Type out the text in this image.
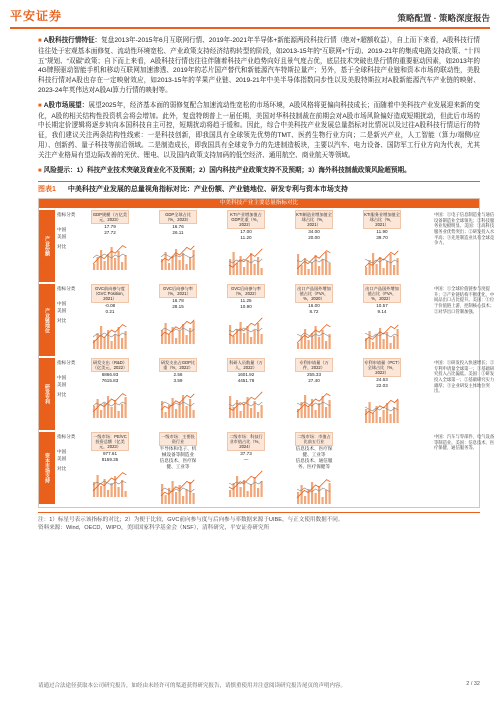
平安证券	策略配置 · 策略深度报告

■ A股科技行情特征：复盘2013年-2015年6月互联网行情、2019年-2021年半导体+新能源两段科技行情（绝对+超额收益），自上而下来看，A股科技行情往往处于宏观基本面修复、流动性环境宽松、产业政策支持经济结构转型的阶段，如2013-15年的“互联网+”行动、2019-21年的集成电路支持政策、“十四五”规划、“双碳”政策；自下而上来看，A股科技行情也往往伴随着科技产业趋势向好且景气度占优，底层技术突破也是行情的重要驱动因素，如2013年的4G牌照驱动智能手机和移动互联网加速渗透、2019年的芯片国产替代和新能源汽车特斯拉量产；另外，基于全球科技产业链和资本市场的联动性，美股科技行情对A股也存在一定映射效应，如2013-15年的苹果产业链、2019-21年中美半导体指数同步性以及美股特斯拉对A股新能源汽车产业链的映射、2023-24年英伟达对A股AI算力行情的映射等。

■ A股市场展望：展望2025年，经济基本面的弱修复配合加速流动性宽松的市场环境，A股风格将更偏向科技成长；而随着中美科技产业发展迎来新的变化，A股的相关结构性投资机会将会增加。此外，复盘特朗普上一届任期，美国对华科技制裁在前期会对A股市场风险偏好造成短期扰动，但此后市场的中长期定价逻辑将逐步转向本国科技自主可控，短期扰动将趋于缓和。因此，综合中美科技产业发展总量指标对比情况以及过往A股科技行情运行的特征，我们建议关注两条结构性线索：一是科技创新，即我国具有全球领先优势的TMT、医药生物行业方向；二是新兴产业，人工智能（算力/端侧/应用）、创新药、量子科技等前沿领域。二是制造成长，即我国具有全球竞争力的先进制造板块，主要以汽车、电力设备、国防军工行业方向为代表，尤其关注产业格局有望边际改善的光伏、锂电、以及国内政策支持加码的低空经济、通用航空、商业航天等领域。

■ 风险提示：1）科技产业技术突破及商业化不及预期；2）国内科技产业政策支持不及预期；3）海外科技制裁政策风险超预期。

图表1 中美科技产业发展的总量视角指标对比：产业份额、产业链地位、研发专利与资本市场支持
中美科技产业主要总量指标对比
产业份额
指标分类
中国
美国
对比
GDP规模（万亿美元，2023）
17.79
27.72
GDP全球占比（%，2023）
16.76
26.11
KTI产业增加值占GDP比重（%，2022）
17.00
11.20
KTI制造业增加值全球占比（%，2021）
34.00
20.00
KTI服务业增加值全球占比（%，2021）
11.90
39.70
中国：①电子信息制造业与通信设备制造业全球领先；②科技服务业短板明显。美国：①高科技服务业优势突出；②研发投入水平高；③先进制造业具有全球竞争力。
产业链地位
指标分类
中国
美国
对比
GVC前向参与度（GVC Position，2021）
-0.08
0.21
GVC后向参与率（%，2021）
16.78
28.15
GVC后向参与率（%，2022）
11.25
10.90
出口产品国外增加值占比（FVA，%，2020）
16.00
8.72
出口产品国外增加值占比（FVA，%，2022）
10.57
9.14
中国：①全球价值链参与度提升；②产业链结构不断优化，中间品出口占比提升。美国：①位于价值链上游，控制核心技术；②对华出口管制加强。
研发专利
指标分类
中国
美国
对比
研发支出（R&D）（亿美元，2022）
6866.93
7615.83
研发支出占GDP比重（%，2022）
2.56
3.59
科研人员数量（万人，2022）
1601.92
4451.78
专利申请量（万件，2022）
255.33
27.40
专利申请量（PCT）全球占比（%，2022）
24.63
22.03
中国：①研发投入快速增长；②专利申请量全球第一；③基础研究投入占比偏低。美国：①研发投入全球第一；②基础研究实力雄厚；③企业研发主体地位突出。
资本市场支持
指标分类
中国
美国
对比
一级市场：PE/VC投资总额（亿美元，2023）
977.61
8159.35
一级市场：主要投资行业
半导体和电子、机械设备等制造业
信息技术、医疗保健、工业等
二级市场：科技行业市值占比（%，2024）
37.73
—
二级市场：市值占比前五行业
信息技术、医疗保健、工业等
信息技术、通信服务、医疗保健等
中国：汽车与零部件、电气设备等制造业。美国：信息技术、医疗保健、通信服务等。
注：1）标星号表示该指标的对比；2）为便于比较，GVC前向参与度与后向参与率数据来源于UIBE，与正文使用数据不同。
资料来源：Wind，OECD，WIPO，美国国家科学基金会（NSF），清科研究，平安证券研究所
请通过合法途径获取本公司研究报告，如经由未经许可的渠道获得研究报告，请慎重使用并注意阅读研究报告尾页的声明内容。	2 / 32
